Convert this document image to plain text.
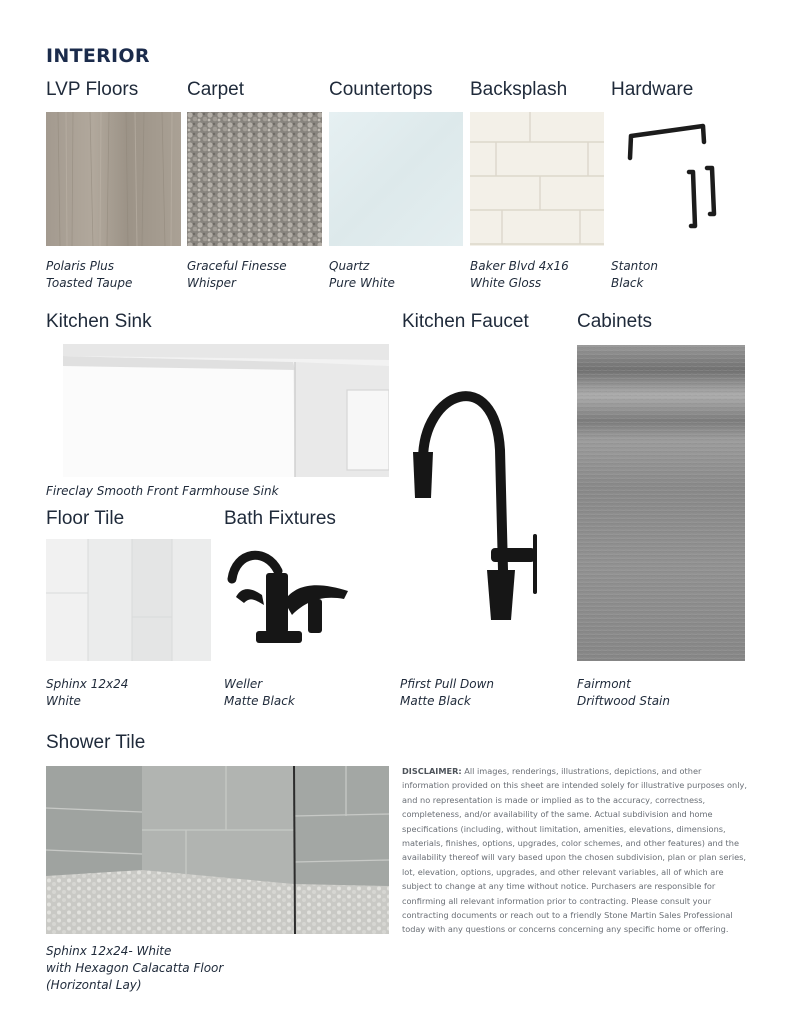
INTERIOR
LVP Floors	Carpet	Countertops Backsplash Hardware
Polaris Plus
Toasted Taupe
Graceful Finesse
Whisper
Quartz
Pure White
Baker Blvd 4x16
White Gloss
Stanton
Black
Kitchen Sink	Kitchen Faucet	Cabinets
Fireclay Smooth Front Farmhouse Sink
Pfirst Pull Down
Matte Black
Fairmont
Driftwood Stain
Floor Tile	Bath Fixtures
Sphinx 12x24
White
Weller
Matte Black
Shower Tile
Sphinx 12x24- White
with Hexagon Calacatta Floor
(Horizontal Lay)
DISCLAIMER: All images, renderings, illustrations, depictions, and other information provided on this sheet are intended solely for illustrative purposes only, and no representation is made or implied as to the accuracy, correctness, completeness, and/or availability of the same. Actual subdivision and home specifications (including, without limitation, amenities, elevations, dimensions, materials, finishes, options, upgrades, color schemes, and other features) and the availability thereof will vary based upon the chosen subdivision, plan or plan series, lot, elevation, options, upgrades, and other relevant variables, all of which are subject to change at any time without notice. Purchasers are responsible for confirming all relevant information prior to contracting. Please consult your contracting documents or reach out to a friendly Stone Martin Sales Professional today with any questions or concerns concerning any specific home or offering.
